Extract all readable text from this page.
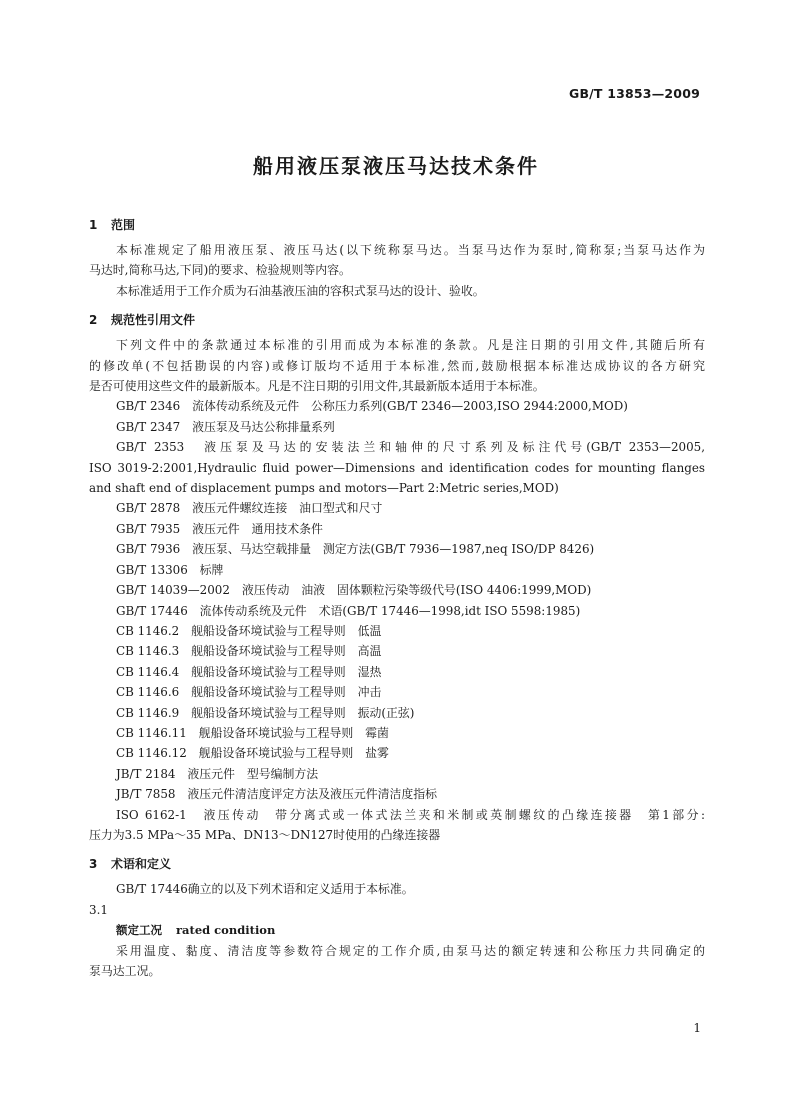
GB/T 13853—2009
船用液压泵液压马达技术条件
1 范围
本标准规定了船用液压泵、液压马达(以下统称泵马达。当泵马达作为泵时,简称泵;当泵马达作为
马达时,简称马达,下同)的要求、检验规则等内容。
本标准适用于工作介质为石油基液压油的容积式泵马达的设计、验收。
2 规范性引用文件
下列文件中的条款通过本标准的引用而成为本标准的条款。凡是注日期的引用文件,其随后所有
的修改单(不包括勘误的内容)或修订版均不适用于本标准,然而,鼓励根据本标准达成协议的各方研究
是否可使用这些文件的最新版本。凡是不注日期的引用文件,其最新版本适用于本标准。
GB/T 2346　流体传动系统及元件　公称压力系列(GB/T 2346—2003,ISO 2944:2000,MOD)
GB/T 2347　液压泵及马达公称排量系列
GB/T 2353　液压泵及马达的安装法兰和轴伸的尺寸系列及标注代号(GB/T 2353—2005,
ISO 3019-2:2001,Hydraulic fluid power—Dimensions and identification codes for mounting flanges
and shaft end of displacement pumps and motors—Part 2:Metric series,MOD)
GB/T 2878　液压元件螺纹连接　油口型式和尺寸
GB/T 7935　液压元件　通用技术条件
GB/T 7936　液压泵、马达空载排量　测定方法(GB/T 7936—1987,neq ISO/DP 8426)
GB/T 13306　标牌
GB/T 14039—2002　液压传动　油液　固体颗粒污染等级代号(ISO 4406:1999,MOD)
GB/T 17446　流体传动系统及元件　术语(GB/T 17446—1998,idt ISO 5598:1985)
CB 1146.2　舰船设备环境试验与工程导则　低温
CB 1146.3　舰船设备环境试验与工程导则　高温
CB 1146.4　舰船设备环境试验与工程导则　湿热
CB 1146.6　舰船设备环境试验与工程导则　冲击
CB 1146.9　舰船设备环境试验与工程导则　振动(正弦)
CB 1146.11　舰船设备环境试验与工程导则　霉菌
CB 1146.12　舰船设备环境试验与工程导则　盐雾
JB/T 2184　液压元件　型号编制方法
JB/T 7858　液压元件清洁度评定方法及液压元件清洁度指标
ISO 6162-1　液压传动　带分离式或一体式法兰夹和米制或英制螺纹的凸缘连接器　第1部分:
压力为3.5 MPa～35 MPa、DN13～DN127时使用的凸缘连接器
3 术语和定义
GB/T 17446确立的以及下列术语和定义适用于本标准。
3.1
额定工况 rated condition
采用温度、黏度、清洁度等参数符合规定的工作介质,由泵马达的额定转速和公称压力共同确定的
泵马达工况。
1
